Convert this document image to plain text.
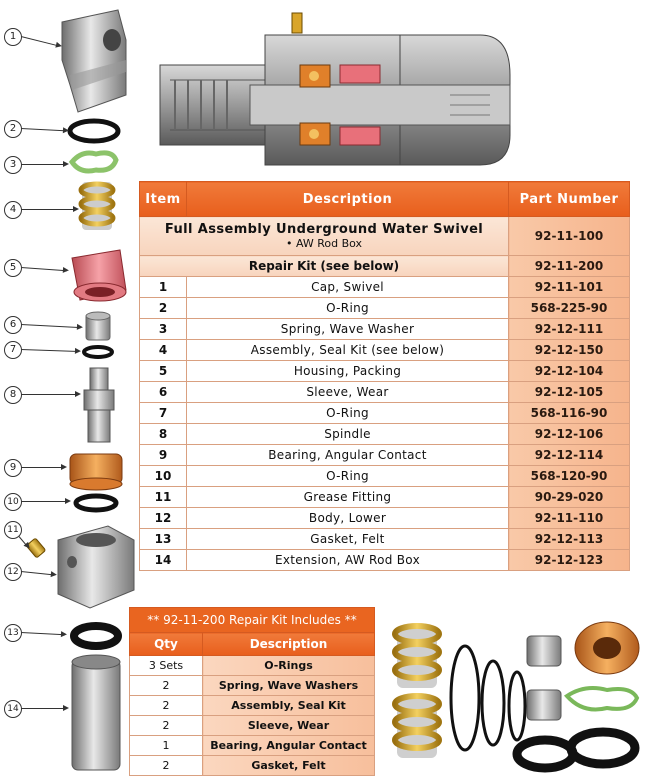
1
2
3
4
5
6
7
8
9
10
11
12
13
14
Item	Description	Part Number

Full Assembly Underground Water Swivel
• AW Rod Box		92-11-100
Repair Kit (see below)		92-11-200
1	Cap, Swivel	92-11-101
2	O-Ring	568-225-90
3	Spring, Wave Washer	92-12-111
4	Assembly, Seal Kit (see below)	92-12-150
5	Housing, Packing	92-12-104
6	Sleeve, Wear	92-12-105
7	O-Ring	568-116-90
8	Spindle	92-12-106
9	Bearing, Angular Contact	92-12-114
10	O-Ring	568-120-90
11	Grease Fitting	90-29-020
12	Body, Lower	92-11-110
13	Gasket, Felt	92-12-113
14	Extension, AW Rod Box	92-12-123
** 92-11-200 Repair Kit Includes **	
Qty	Description
3 Sets	O-Rings
2	Spring, Wave Washers
2	Assembly, Seal Kit
2	Sleeve, Wear
1	Bearing, Angular Contact
2	Gasket, Felt
